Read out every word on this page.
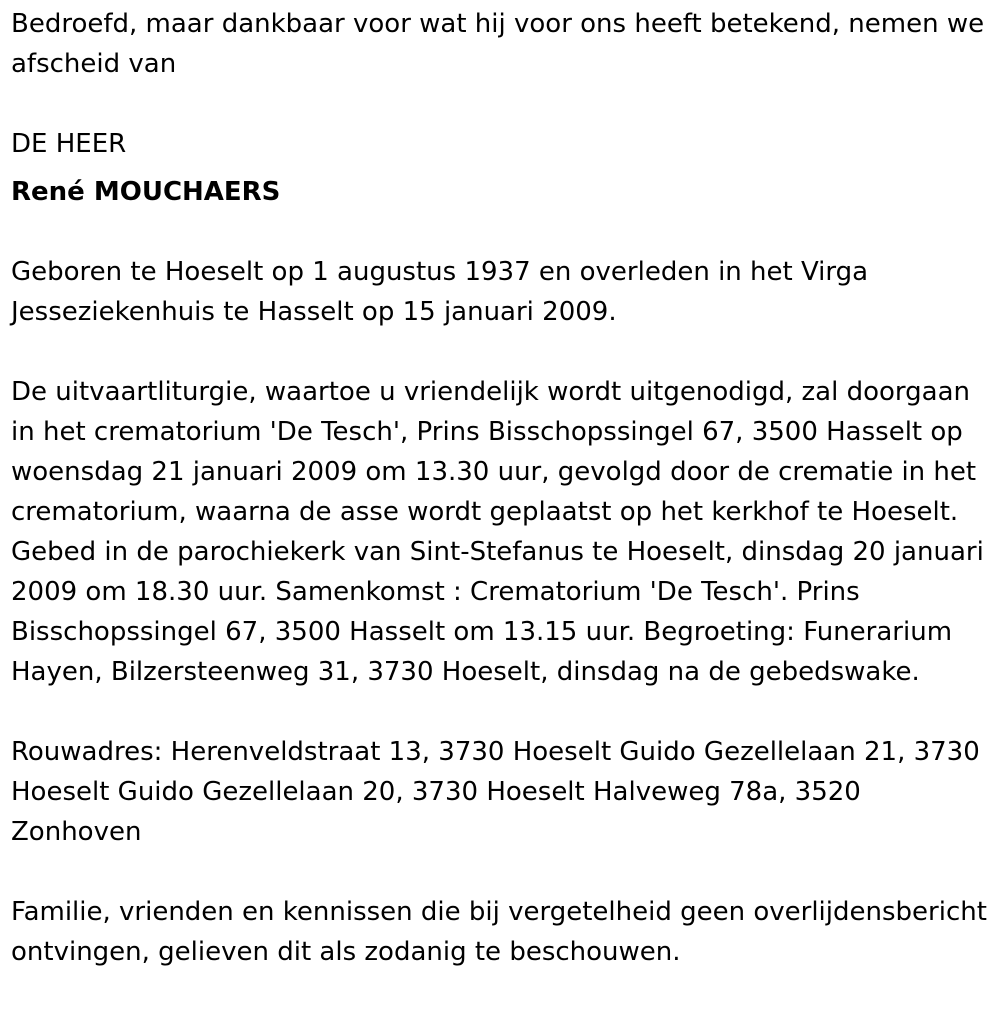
Bedroefd, maar dankbaar voor wat hij voor ons heeft betekend, nemen we afscheid van

DE HEER

René MOUCHAERS

Geboren te Hoeselt op 1 augustus 1937 en overleden in het Virga Jesseziekenhuis te Hasselt op 15 januari 2009.

De uitvaartliturgie, waartoe u vriendelijk wordt uitgenodigd, zal doorgaan in het crematorium 'De Tesch', Prins Bisschopssingel 67, 3500 Hasselt op woensdag 21 januari 2009 om 13.30 uur, gevolgd door de crematie in het crematorium, waarna de asse wordt geplaatst op het kerkhof te Hoeselt. Gebed in de parochiekerk van Sint-Stefanus te Hoeselt, dinsdag 20 januari 2009 om 18.30 uur. Samenkomst : Crematorium 'De Tesch'. Prins Bisschopssingel 67, 3500 Hasselt om 13.15 uur. Begroeting: Funerarium Hayen, Bilzersteenweg 31, 3730 Hoeselt, dinsdag na de gebedswake.

Rouwadres: Herenveldstraat 13, 3730 Hoeselt Guido Gezellelaan 21, 3730 Hoeselt Guido Gezellelaan 20, 3730 Hoeselt Halveweg 78a, 3520 Zonhoven

Familie, vrienden en kennissen die bij vergetelheid geen overlijdensbericht ontvingen, gelieven dit als zodanig te beschouwen.
